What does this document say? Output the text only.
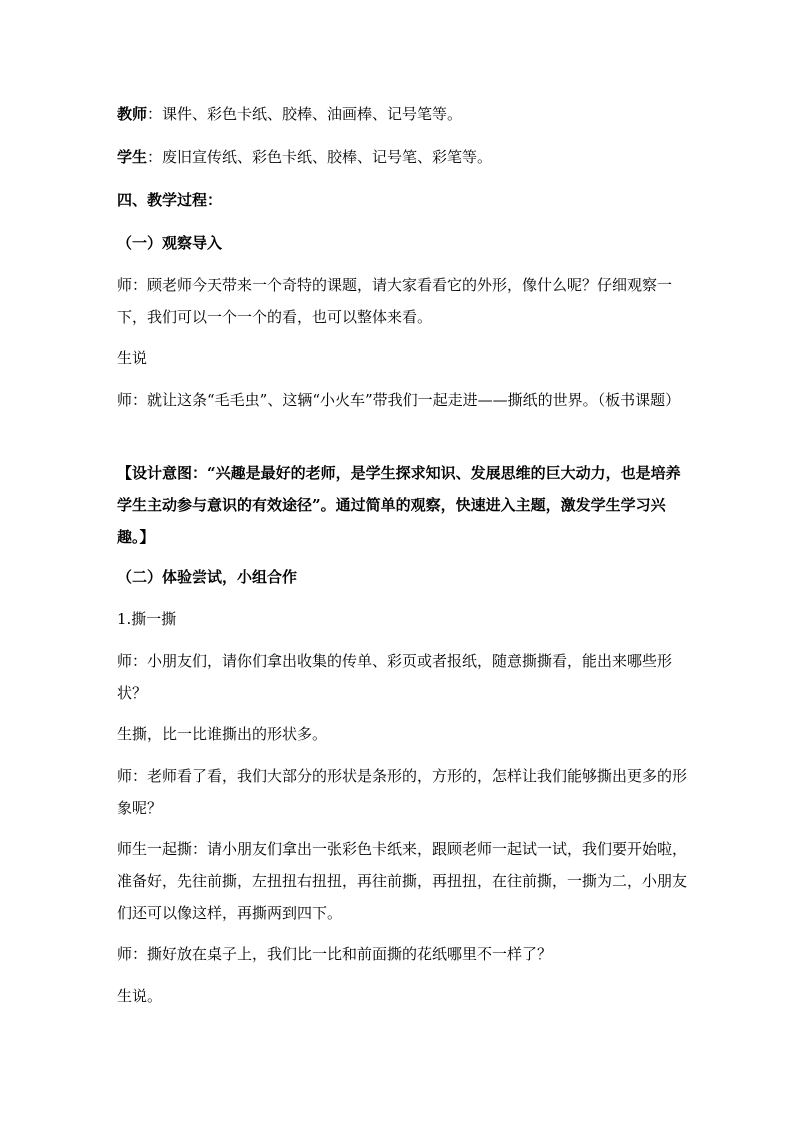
教师：课件、彩色卡纸、胶棒、油画棒、记号笔等。

学生：废旧宣传纸、彩色卡纸、胶棒、记号笔、彩笔等。

四、教学过程：

（一）观察导入

师：顾老师今天带来一个奇特的课题，请大家看看它的外形，像什么呢？仔细观察一下，我们可以一个一个的看，也可以整体来看。

生说

师：就让这条“毛毛虫”、这辆“小火车”带我们一起走进——撕纸的世界。（板书课题）

【设计意图：“兴趣是最好的老师，是学生探求知识、发展思维的巨大动力，也是培养学生主动参与意识的有效途径”。通过简单的观察，快速进入主题，激发学生学习兴趣。】

（二）体验尝试，小组合作

1.撕一撕

师：小朋友们，请你们拿出收集的传单、彩页或者报纸，随意撕撕看，能出来哪些形状？

生撕，比一比谁撕出的形状多。

师：老师看了看，我们大部分的形状是条形的，方形的，怎样让我们能够撕出更多的形象呢？

师生一起撕：请小朋友们拿出一张彩色卡纸来，跟顾老师一起试一试，我们要开始啦，准备好，先往前撕，左扭扭右扭扭，再往前撕，再扭扭，在往前撕，一撕为二，小朋友们还可以像这样，再撕两到四下。

师：撕好放在桌子上，我们比一比和前面撕的花纸哪里不一样了？

生说。
